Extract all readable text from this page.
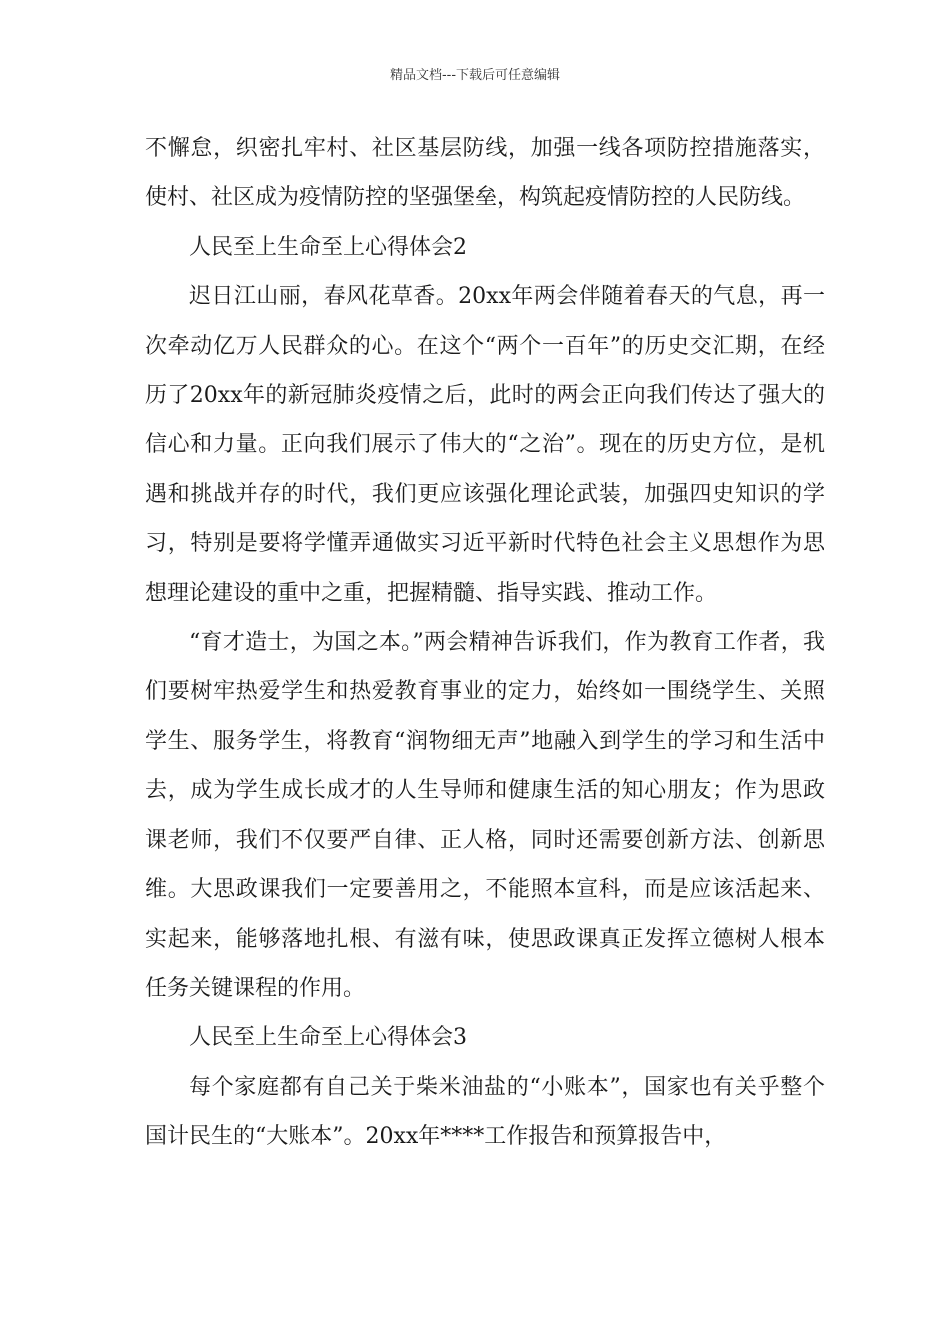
精品文档---下载后可任意编辑

不懈怠，织密扎牢村、社区基层防线，加强一线各项防控措施落实，使村、社区成为疫情防控的坚强堡垒，构筑起疫情防控的人民防线。

人民至上生命至上心得体会2

迟日江山丽，春风花草香。20xx年两会伴随着春天的气息，再一次牵动亿万人民群众的心。在这个“两个一百年”的历史交汇期，在经历了20xx年的新冠肺炎疫情之后，此时的两会正向我们传达了强大的信心和力量。正向我们展示了伟大的“之治”。现在的历史方位，是机遇和挑战并存的时代，我们更应该强化理论武装，加强四史知识的学习，特别是要将学懂弄通做实习近平新时代特色社会主义思想作为思想理论建设的重中之重，把握精髓、指导实践、推动工作。

“育才造士，为国之本。”两会精神告诉我们，作为教育工作者，我们要树牢热爱学生和热爱教育事业的定力，始终如一围绕学生、关照学生、服务学生，将教育“润物细无声”地融入到学生的学习和生活中去，成为学生成长成才的人生导师和健康生活的知心朋友；作为思政课老师，我们不仅要严自律、正人格，同时还需要创新方法、创新思维。大思政课我们一定要善用之，不能照本宣科，而是应该活起来、实起来，能够落地扎根、有滋有味，使思政课真正发挥立德树人根本任务关键课程的作用。

人民至上生命至上心得体会3

每个家庭都有自己关于柴米油盐的“小账本”，国家也有关乎整个国计民生的“大账本”。20xx年****工作报告和预算报告中，
